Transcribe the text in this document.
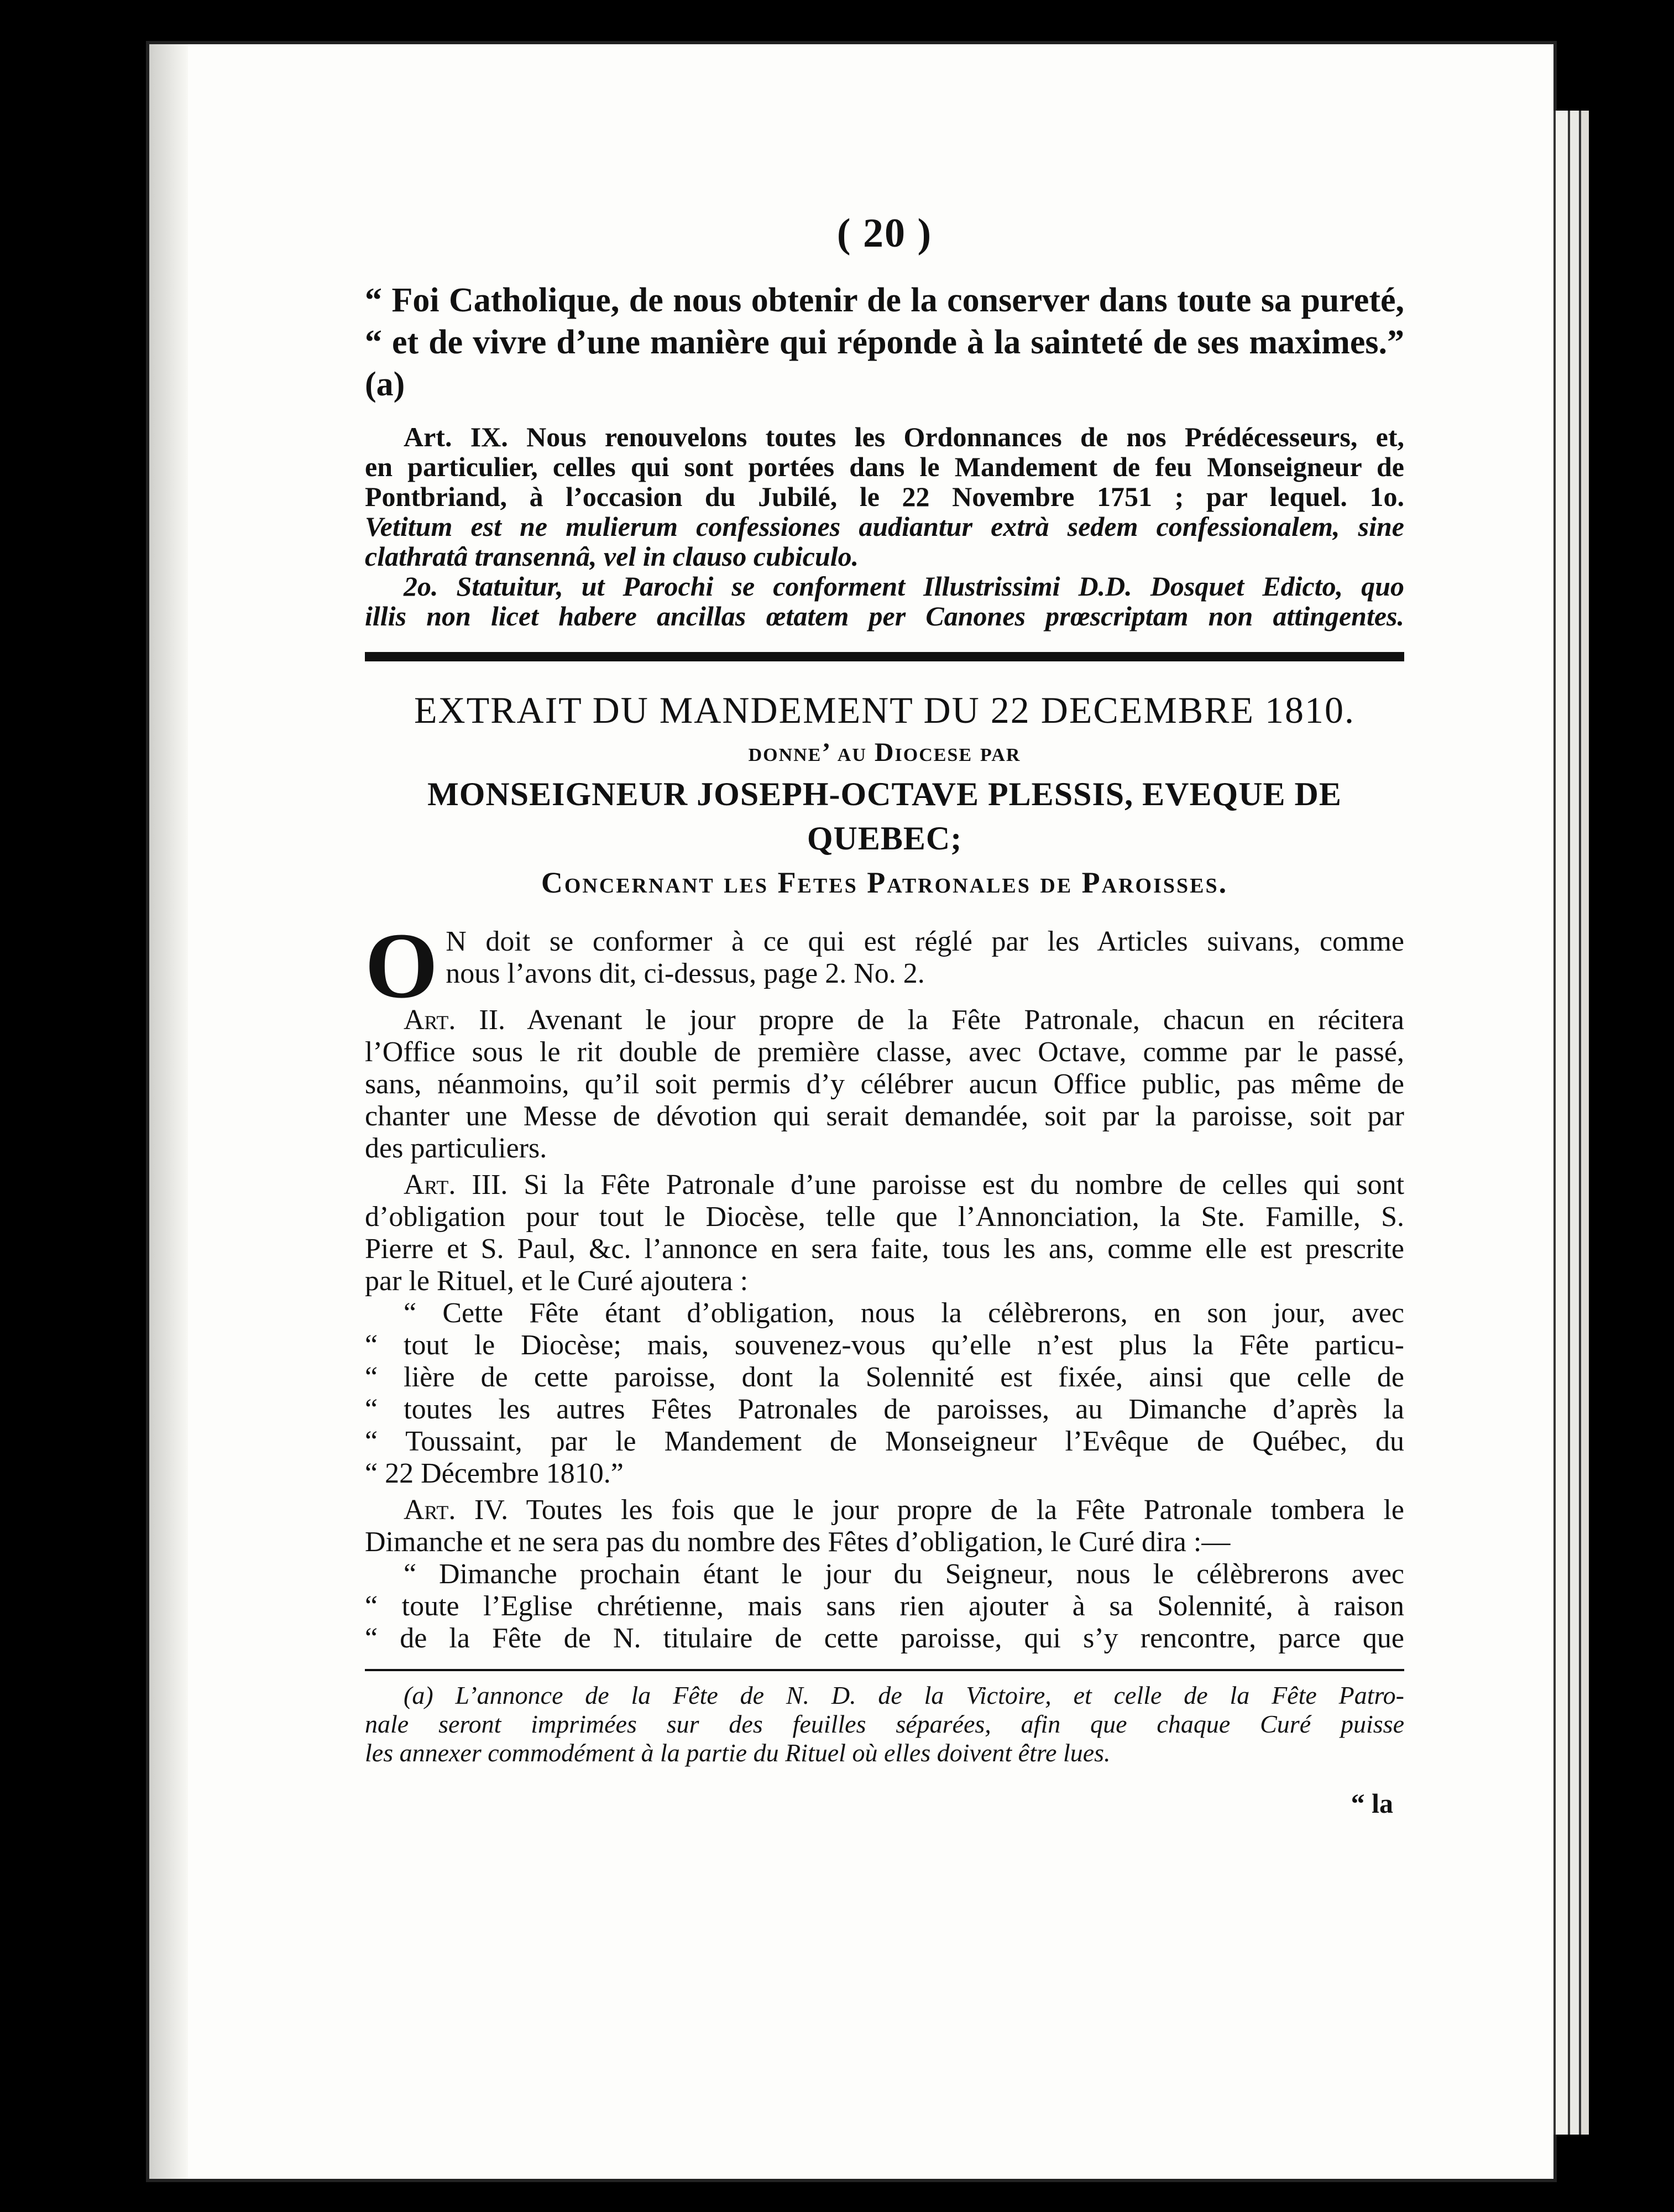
( 20 )

“ Foi Catholique, de nous obtenir de la conserver dans toute sa pureté,

“ et de vivre d’une manière qui réponde à la sainteté de ses maximes.” (a)

Art. IX. Nous renouvelons toutes les Ordonnances de nos Prédécesseurs, et,

en particulier, celles qui sont portées dans le Mandement de feu Monseigneur de

Pontbriand, à l’occasion du Jubilé, le 22 Novembre 1751 ; par lequel. 1o.

Vetitum est ne mulierum confessiones audiantur extrà sedem confessionalem, sine

clathratâ transennâ, vel in clauso cubiculo.

2o. Statuitur, ut Parochi se conforment Illustrissimi D.D. Dosquet Edicto, quo

illis non licet habere ancillas œtatem per Canones prœscriptam non attingentes.

EXTRAIT DU MANDEMENT DU 22 DECEMBRE 1810.

donne’ au Diocese par

MONSEIGNEUR JOSEPH-OCTAVE PLESSIS, EVEQUE DE QUEBEC;

Concernant les Fetes Patronales de Paroisses.

O N doit se conformer à ce qui est réglé par les Articles suivans, comme

nous l’avons dit, ci-dessus, page 2. No. 2.

Art. II. Avenant le jour propre de la Fête Patronale, chacun en récitera

l’Office sous le rit double de première classe, avec Octave, comme par le passé,

sans, néanmoins, qu’il soit permis d’y célébrer aucun Office public, pas même de

chanter une Messe de dévotion qui serait demandée, soit par la paroisse, soit par

des particuliers.

Art. III. Si la Fête Patronale d’une paroisse est du nombre de celles qui sont

d’obligation pour tout le Diocèse, telle que l’Annonciation, la Ste. Famille, S.

Pierre et S. Paul, &c. l’annonce en sera faite, tous les ans, comme elle est prescrite

par le Rituel, et le Curé ajoutera :

“ Cette Fête étant d’obligation, nous la célèbrerons, en son jour, avec

“ tout le Diocèse; mais, souvenez-vous qu’elle n’est plus la Fête particu-

“ lière de cette paroisse, dont la Solennité est fixée, ainsi que celle de

“ toutes les autres Fêtes Patronales de paroisses, au Dimanche d’après la

“ Toussaint, par le Mandement de Monseigneur l’Evêque de Québec, du

“ 22 Décembre 1810.”

Art. IV. Toutes les fois que le jour propre de la Fête Patronale tombera le

Dimanche et ne sera pas du nombre des Fêtes d’obligation, le Curé dira :—

“ Dimanche prochain étant le jour du Seigneur, nous le célèbrerons avec

“ toute l’Eglise chrétienne, mais sans rien ajouter à sa Solennité, à raison

“ de la Fête de N. titulaire de cette paroisse, qui s’y rencontre, parce que

(a) L’annonce de la Fête de N. D. de la Victoire, et celle de la Fête Patro-

nale seront imprimées sur des feuilles séparées, afin que chaque Curé puisse

les annexer commodément à la partie du Rituel où elles doivent être lues.

“ la
